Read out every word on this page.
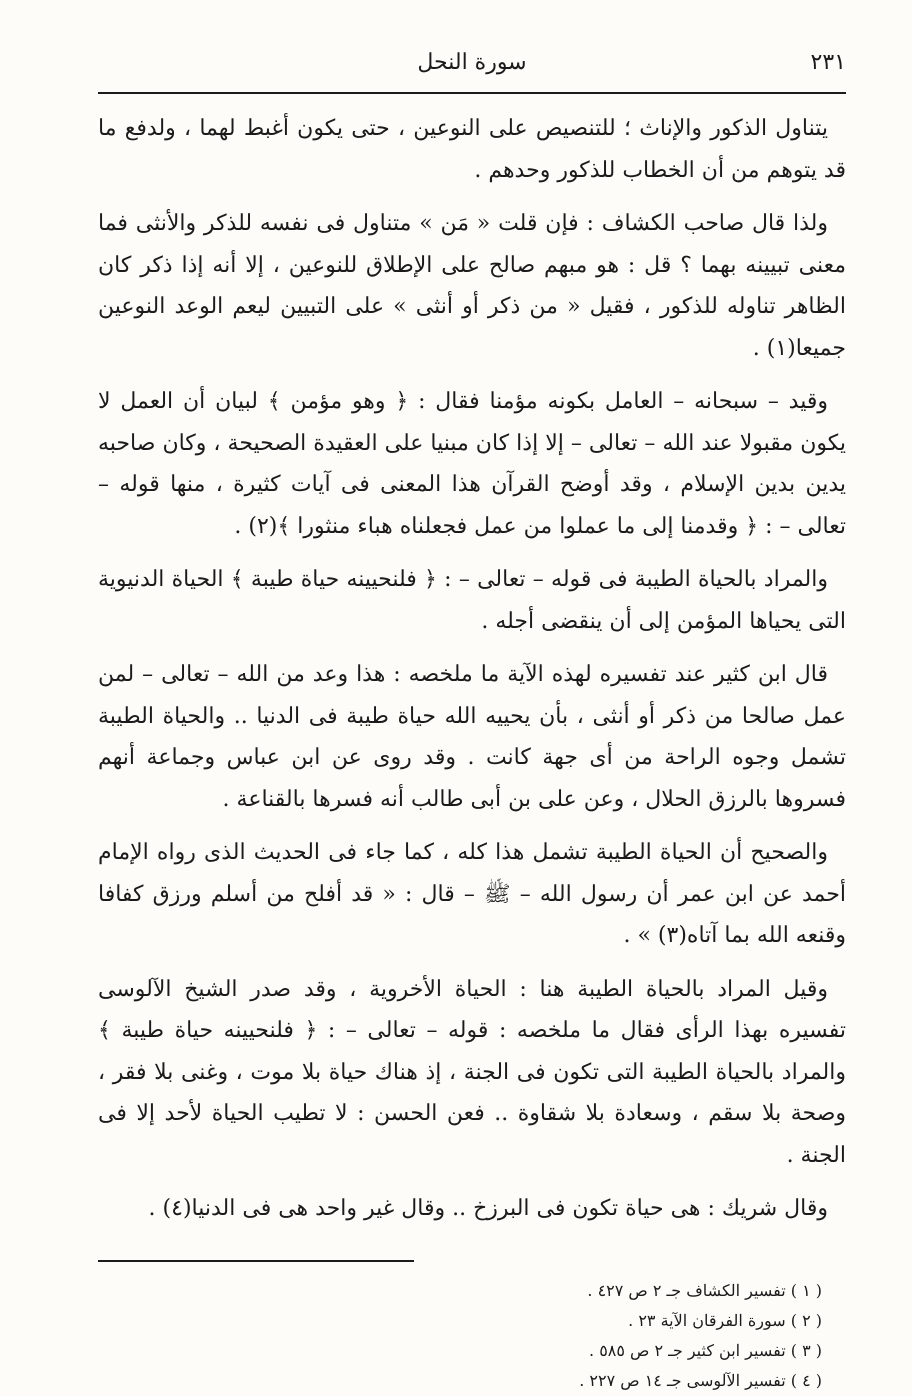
٢٣١
سورة النحل

يتناول الذكور والإناث ؛ للتنصيص على النوعين ، حتى يكون أغبط لهما ، ولدفع ما قد يتوهم من أن الخطاب للذكور وحدهم .

ولذا قال صاحب الكشاف : فإن قلت « مَن » متناول فى نفسه للذكر والأنثى فما معنى تبيينه بهما ؟ قل : هو مبهم صالح على الإطلاق للنوعين ، إلا أنه إذا ذكر كان الظاهر تناوله للذكور ، فقيل « من ذكر أو أنثى » على التبيين ليعم الوعد النوعين جميعا(١) .

وقيد – سبحانه – العامل بكونه مؤمنا فقال : ﴿ وهو مؤمن ﴾ لبيان أن العمل لا يكون مقبولا عند الله – تعالى – إلا إذا كان مبنيا على العقيدة الصحيحة ، وكان صاحبه يدين بدين الإسلام ، وقد أوضح القرآن هذا المعنى فى آيات كثيرة ، منها قوله – تعالى – : ﴿ وقدمنا إلى ما عملوا من عمل فجعلناه هباء منثورا ﴾(٢) .

والمراد بالحياة الطيبة فى قوله – تعالى – : ﴿ فلنحيينه حياة طيبة ﴾ الحياة الدنيوية التى يحياها المؤمن إلى أن ينقضى أجله .

قال ابن كثير عند تفسيره لهذه الآية ما ملخصه : هذا وعد من الله – تعالى – لمن عمل صالحا من ذكر أو أنثى ، بأن يحييه الله حياة طيبة فى الدنيا .. والحياة الطيبة تشمل وجوه الراحة من أى جهة كانت . وقد روى عن ابن عباس وجماعة أنهم فسروها بالرزق الحلال ، وعن على بن أبى طالب أنه فسرها بالقناعة .

والصحيح أن الحياة الطيبة تشمل هذا كله ، كما جاء فى الحديث الذى رواه الإمام أحمد عن ابن عمر أن رسول الله – ﷺ – قال : « قد أفلح من أسلم ورزق كفافا وقنعه الله بما آتاه(٣) » .

وقيل المراد بالحياة الطيبة هنا : الحياة الأخروية ، وقد صدر الشيخ الآلوسى تفسيره بهذا الرأى فقال ما ملخصه : قوله – تعالى – : ﴿ فلنحيينه حياة طيبة ﴾ والمراد بالحياة الطيبة التى تكون فى الجنة ، إذ هناك حياة بلا موت ، وغنى بلا فقر ، وصحة بلا سقم ، وسعادة بلا شقاوة .. فعن الحسن : لا تطيب الحياة لأحد إلا فى الجنة .

وقال شريك : هى حياة تكون فى البرزخ .. وقال غير واحد هى فى الدنيا(٤) .

( ١ ) تفسير الكشاف جـ ٢ ص ٤٢٧ .
( ٢ ) سورة الفرقان الآية ٢٣ .
( ٣ ) تفسير ابن كثير جـ ٢ ص ٥٨٥ .
( ٤ ) تفسير الآلوسى جـ ١٤ ص ٢٢٧ .
